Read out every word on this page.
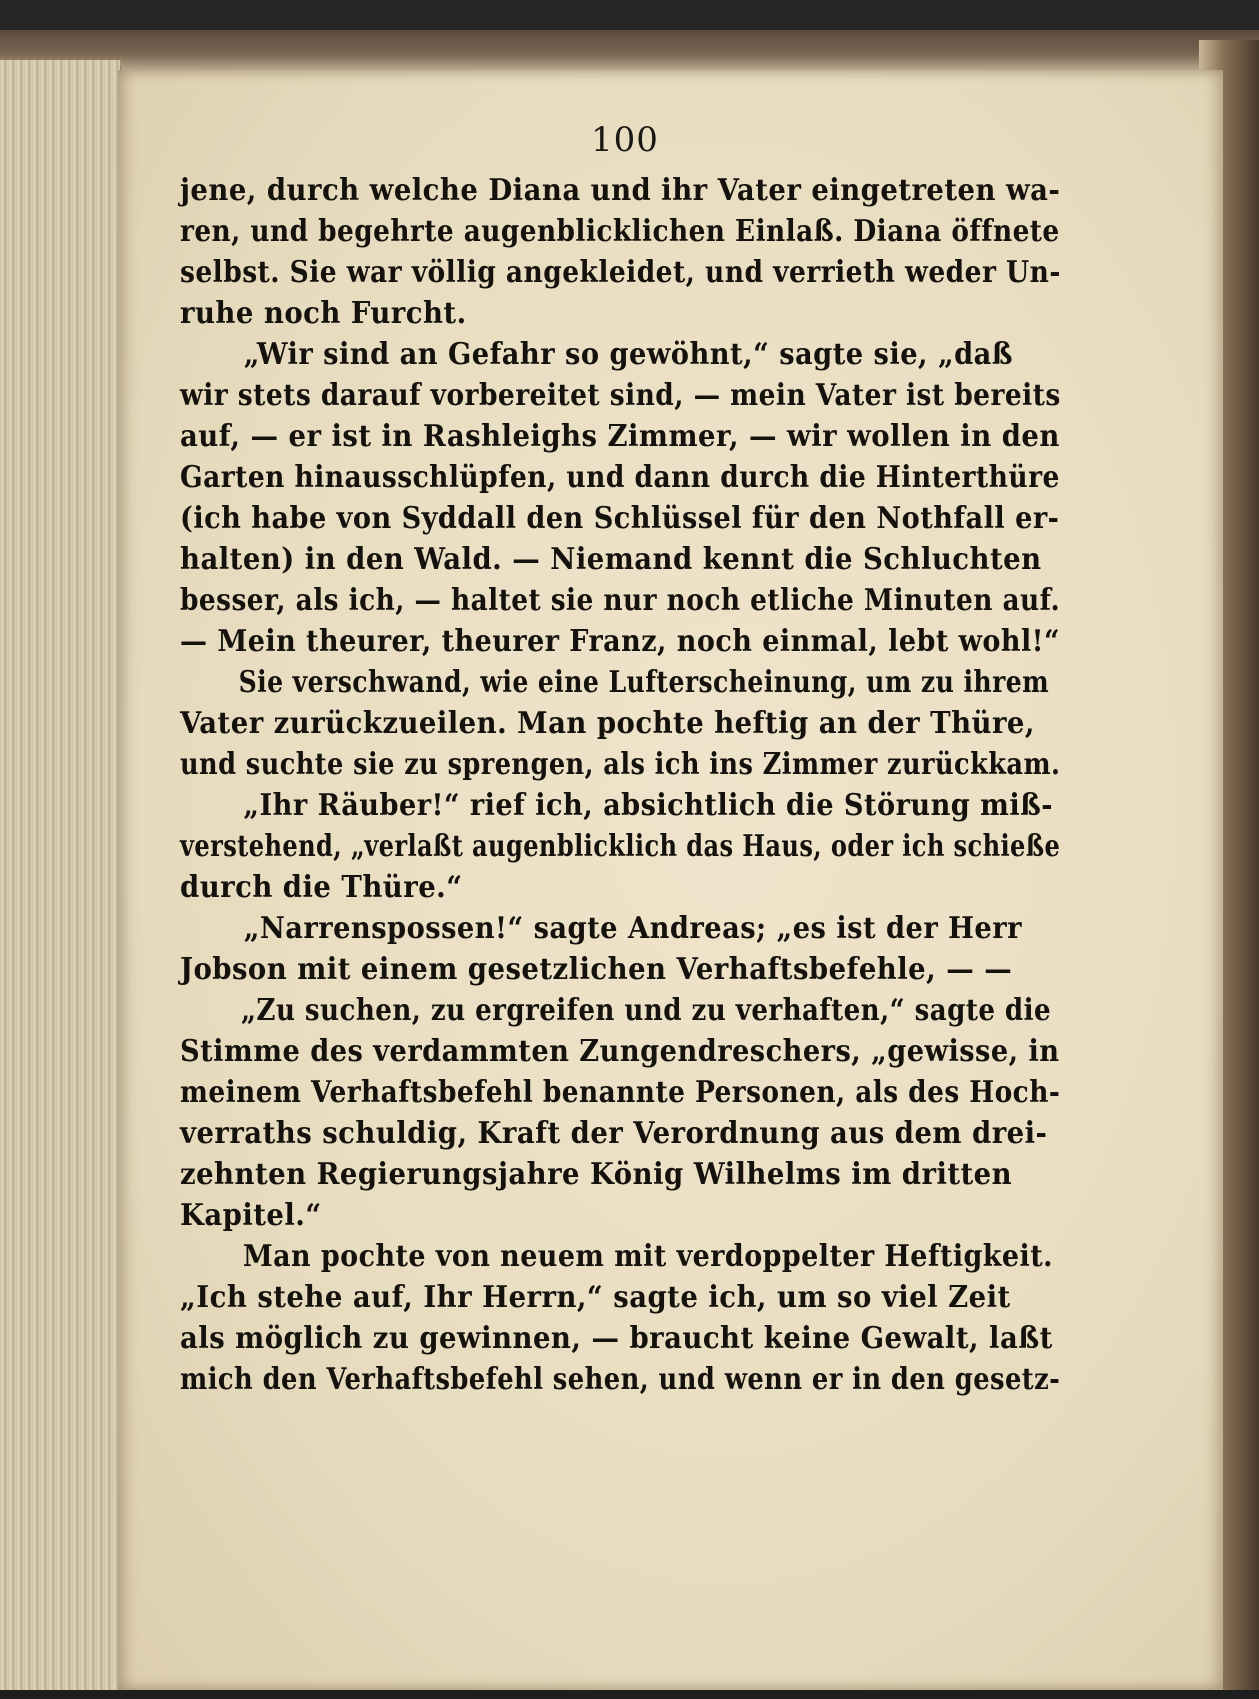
100
jene, durch welche Diana und ihr Vater eingetreten wa-
ren, und begehrte augenblicklichen Einlaß. Diana öffnete
selbst. Sie war völlig angekleidet, und verrieth weder Un-
ruhe noch Furcht.
„Wir sind an Gefahr so gewöhnt,“ sagte sie, „daß
wir stets darauf vorbereitet sind, — mein Vater ist bereits
auf, — er ist in Rashleighs Zimmer, — wir wollen in den
Garten hinausschlüpfen, und dann durch die Hinterthüre
(ich habe von Syddall den Schlüssel für den Nothfall er-
halten) in den Wald. — Niemand kennt die Schluchten
besser, als ich, — haltet sie nur noch etliche Minuten auf.
— Mein theurer, theurer Franz, noch einmal, lebt wohl!“
Sie verschwand, wie eine Lufterscheinung, um zu ihrem
Vater zurückzueilen. Man pochte heftig an der Thüre,
und suchte sie zu sprengen, als ich ins Zimmer zurückkam.
„Ihr Räuber!“ rief ich, absichtlich die Störung miß-
verstehend, „verlaßt augenblicklich das Haus, oder ich schieße
durch die Thüre.“
„Narrenspossen!“ sagte Andreas; „es ist der Herr
Jobson mit einem gesetzlichen Verhaftsbefehle, — —
„Zu suchen, zu ergreifen und zu verhaften,“ sagte die
Stimme des verdammten Zungendreschers, „gewisse, in
meinem Verhaftsbefehl benannte Personen, als des Hoch-
verraths schuldig, Kraft der Verordnung aus dem drei-
zehnten Regierungsjahre König Wilhelms im dritten
Kapitel.“
Man pochte von neuem mit verdoppelter Heftigkeit.
„Ich stehe auf, Ihr Herrn,“ sagte ich, um so viel Zeit
als möglich zu gewinnen, — braucht keine Gewalt, laßt
mich den Verhaftsbefehl sehen, und wenn er in den gesetz-
